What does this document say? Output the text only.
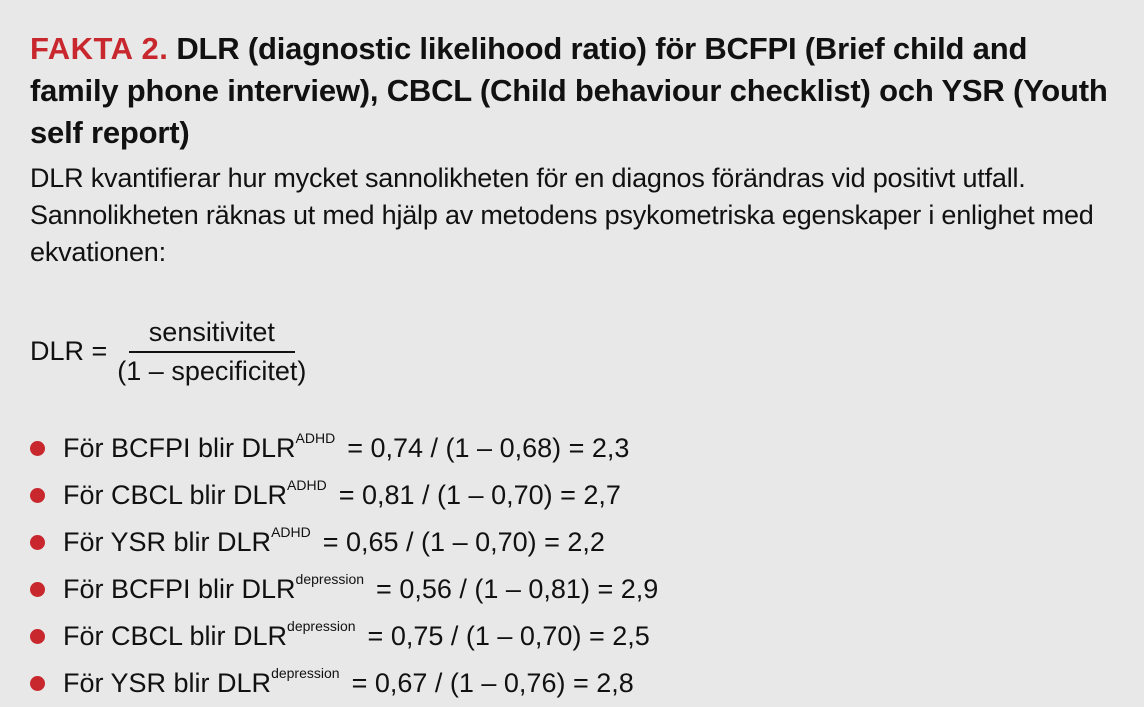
FAKTA 2. DLR (diagnostic likelihood ratio) för BCFPI (Brief child and family phone interview), CBCL (Child behaviour checklist) och YSR (Youth self report)

DLR kvantifierar hur mycket sannolikheten för en diagnos förändras vid positivt utfall. Sannolikheten räknas ut med hjälp av metodens psykometriska egenskaper i enlighet med ekvationen:

DLR = $\frac{\text{sensitivitet}}{\text{(1 – specificitet)}}$
För BCFPI blir DLR ADHD = 0,74 / (1 – 0,68) = 2,3
För CBCL blir DLR ADHD = 0,81 / (1 – 0,70) = 2,7
För YSR blir DLR ADHD = 0,65 / (1 – 0,70) = 2,2
För BCFPI blir DLR depression = 0,56 / (1 – 0,81) = 2,9
För CBCL blir DLR depression = 0,75 / (1 – 0,70) = 2,5
För YSR blir DLR depression = 0,67 / (1 – 0,76) = 2,8
